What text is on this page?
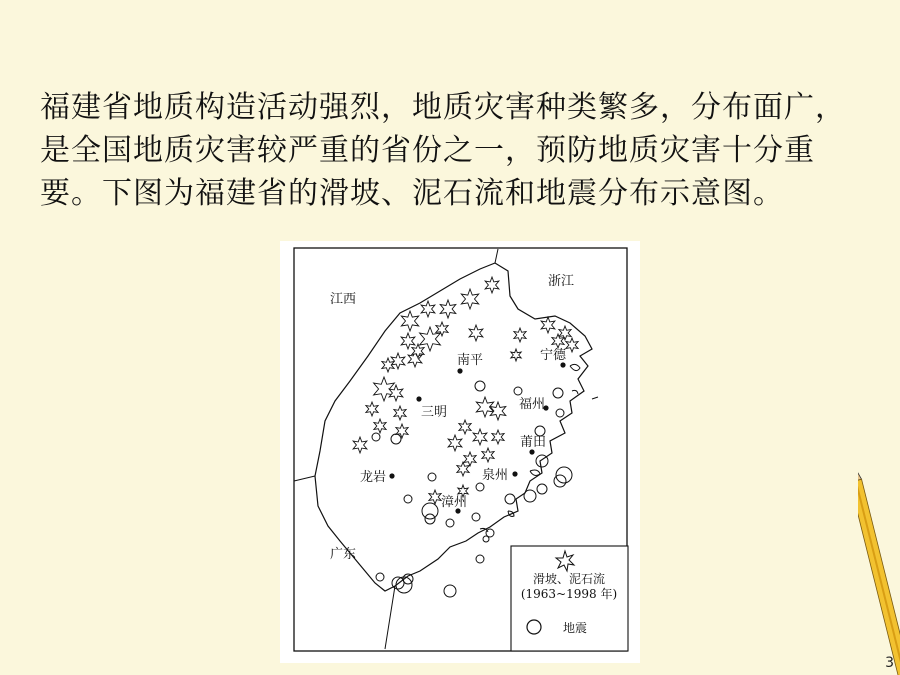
福建省地质构造活动强烈，地质灾害种类繁多，分布面广，是全国地质灾害较严重的省份之一，预防地质灾害十分重要。下图为福建省的滑坡、泥石流和地震分布示意图。

江西
浙江
广东
南平	宁德
三明
福州
莆田
龙岩	泉州
漳州
滑坡、泥石流
(1963~1998 年)
地震
3
